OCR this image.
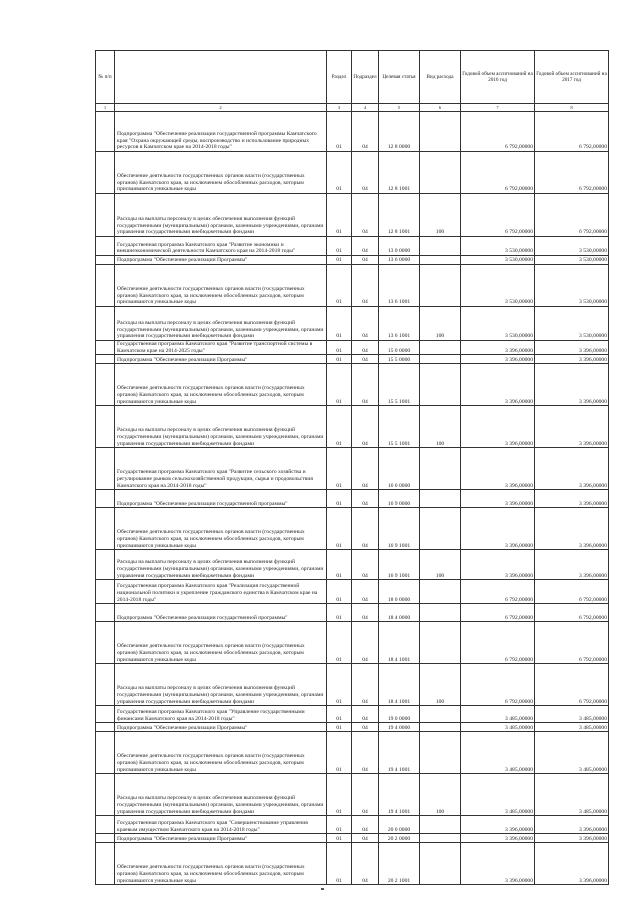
№ п/п		Раздел	Подраздел	Целевая статья	Вид расхода	Годовой объем ассигнований на 2016 год	Годовой объем ассигнований на 2017 год
1	2	3	4	5	6	7	8
	Подпрограмма "Обеспечение реализации государственной программы Камчатского края "Охрана окружающей среды, воспроизводство и использование природных ресурсов в Камчатском крае на 2014-2018 годы"	01	04	12 8 0000		6 792,00000	6 792,00000
	Обеспечение деятельности государственных органов власти (государственных органов) Камчатского края, за исключением обособленных расходов, которым присваиваются уникальные коды	01	04	12 8 1001		6 792,00000	6 792,00000
	Расходы на выплаты персоналу в целях обеспечения выполнения функций государственными (муниципальными) органами, казенными учреждениями, органами управления государственными внебюджетными фондами	01	04	12 8 1001	100	6 792,00000	6 792,00000
	Государственная программа Камчатского края "Развитие экономики и внешнеэкономической деятельности Камчатского края на 2014-2018 годы"	01	04	13 0 0000		3 530,00000	3 530,00000
	Подпрограмма "Обеспечение реализации Программы"	01	04	13 6 0000		3 530,00000	3 530,00000
	Обеспечение деятельности государственных органов власти (государственных органов) Камчатского края, за исключением обособленных расходов, которым присваиваются уникальные коды	01	04	13 6 1001		3 530,00000	3 530,00000
	Расходы на выплаты персоналу в целях обеспечения выполнения функций государственными (муниципальными) органами, казенными учреждениями, органами управления государственными внебюджетными фондами	01	04	13 6 1001	100	3 530,00000	3 530,00000
	Государственная программа Камчатского края "Развитие транспортной системы в Камчатском крае на 2014-2025 годы"	01	04	15 0 0000		3 396,00000	3 396,00000
	Подпрограмма "Обеспечение реализации Программы"	01	04	15 5 0000		3 396,00000	3 396,00000
	Обеспечение деятельности государственных органов власти (государственных органов) Камчатского края, за исключением обособленных расходов, которым присваиваются уникальные коды	01	04	15 5 1001		3 396,00000	3 396,00000
	Расходы на выплаты персоналу в целях обеспечения выполнения функций государственными (муниципальными) органами, казенными учреждениями, органами управления государственными внебюджетными фондами	01	04	15 5 1001	100	3 396,00000	3 396,00000
	Государственная программа Камчатского края "Развитие сельского хозяйства и регулирование рынков сельскохозяйственной продукции, сырья и продовольствия Камчатского края на 2014-2018 годы"	01	04	16 0 0000		3 396,00000	3 396,00000
	Подпрограмма "Обеспечение реализации государственной программы"	01	04	16 9 0000		3 396,00000	3 396,00000
	Обеспечение деятельности государственных органов власти (государственных органов) Камчатского края, за исключением обособленных расходов, которым присваиваются уникальные коды	01	04	16 9 1001		3 396,00000	3 396,00000
	Расходы на выплаты персоналу в целях обеспечения выполнения функций государственными (муниципальными) органами, казенными учреждениями, органами управления государственными внебюджетными фондами	01	04	16 9 1001	100	3 396,00000	3 396,00000
	Государственная программа Камчатского края "Реализация государственной национальной политики и укрепление гражданского единства в Камчатском крае на 2014-2018 годы"	01	04	18 0 0000		6 792,00000	6 792,00000
	Подпрограмма "Обеспечение реализации государственной программы"	01	04	18 4 0000		6 792,00000	6 792,00000
	Обеспечение деятельности государственных органов власти (государственных органов) Камчатского края, за исключением обособленных расходов, которым присваиваются уникальные коды	01	04	18 4 1001		6 792,00000	6 792,00000
	Расходы на выплаты персоналу в целях обеспечения выполнения функций государственными (муниципальными) органами, казенными учреждениями, органами управления государственными внебюджетными фондами	01	04	18 4 1001	100	6 792,00000	6 792,00000
	Государственная программа Камчатского края "Управление государственными финансами Камчатского края на 2014-2018 годы"	01	04	19 0 0000		3 485,00000	3 485,00000
	Подпрограмма "Обеспечение реализации Программы"	01	04	19 4 0000		3 485,00000	3 485,00000
	Обеспечение деятельности государственных органов власти (государственных органов) Камчатского края, за исключением обособленных расходов, которым присваиваются уникальные коды	01	04	19 4 1001		3 485,00000	3 485,00000
	Расходы на выплаты персоналу в целях обеспечения выполнения функций государственными (муниципальными) органами, казенными учреждениями, органами управления государственными внебюджетными фондами	01	04	19 4 1001	100	3 485,00000	3 485,00000
	Государственная программа Камчатского края "Совершенствование управления краевым имуществом Камчатского края на 2014-2018 годы"	01	04	20 0 0000		3 396,00000	3 396,00000
	Подпрограмма "Обеспечение реализации Программы"	01	04	20 2 0000		3 396,00000	3 396,00000
	Обеспечение деятельности государственных органов власти (государственных органов) Камчатского края, за исключением обособленных расходов, которым присваиваются уникальные коды	01	04	20 2 1001		3 396,00000	3 396,00000
